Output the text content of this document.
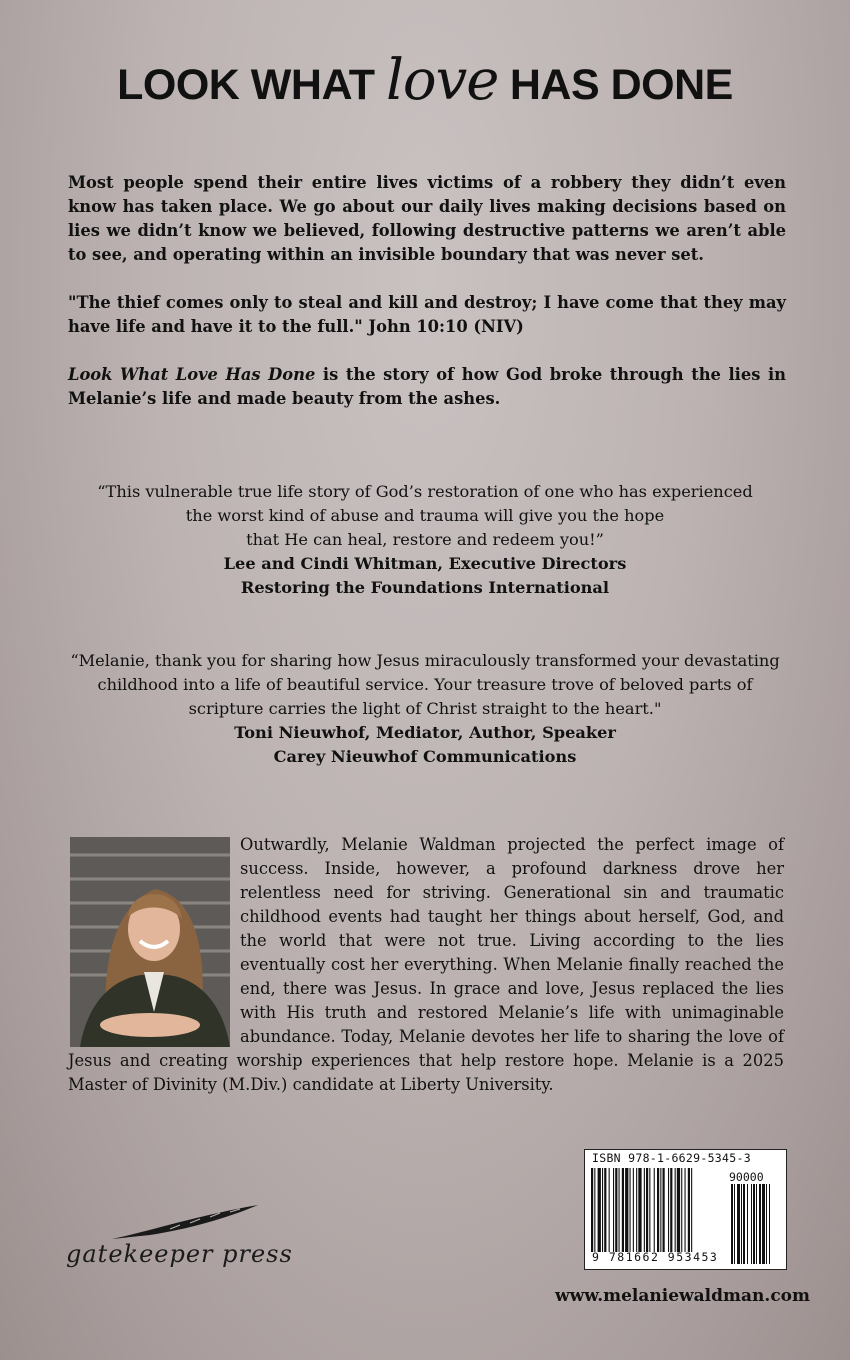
LOOK WHAT love HAS DONE

Most people spend their entire lives victims of a robbery they didn’t even know has taken place. We go about our daily lives making decisions based on lies we didn’t know we believed, following destructive patterns we aren’t able to see, and operating within an invisible boundary that was never set.

"The thief comes only to steal and kill and destroy; I have come that they may have life and have it to the full." John 10:10 (NIV)

Look What Love Has Done is the story of how God broke through the lies in Melanie’s life and made beauty from the ashes.

“This vulnerable true life story of God’s restoration of one who has experienced
the worst kind of abuse and trauma will give you the hope
that He can heal, restore and redeem you!”
Lee and Cindi Whitman, Executive Directors
Restoring the Foundations International
“Melanie, thank you for sharing how Jesus miraculously transformed your devastating
childhood into a life of beautiful service. Your treasure trove of beloved parts of
scripture carries the light of Christ straight to the heart."
Toni Nieuwhof, Mediator, Author, Speaker
Carey Nieuwhof Communications

Outwardly, Melanie Waldman projected the perfect image of success. Inside, however, a profound darkness drove her relentless need for striving. Generational sin and traumatic childhood events had taught her things about herself, God, and the world that were not true. Living according to the lies eventually cost her everything. When Melanie finally reached the end, there was Jesus. In grace and love, Jesus replaced the lies with His truth and restored Melanie’s life with unimaginable abundance. Today, Melanie devotes her life to sharing the love of Jesus and creating worship experiences that help restore hope. Melanie is a 2025 Master of Divinity (M.Div.) candidate at Liberty University.

ISBN 978-1-6629-5345-3
90000
9 781662 953453
gatekeeper press
www.melaniewaldman.com
